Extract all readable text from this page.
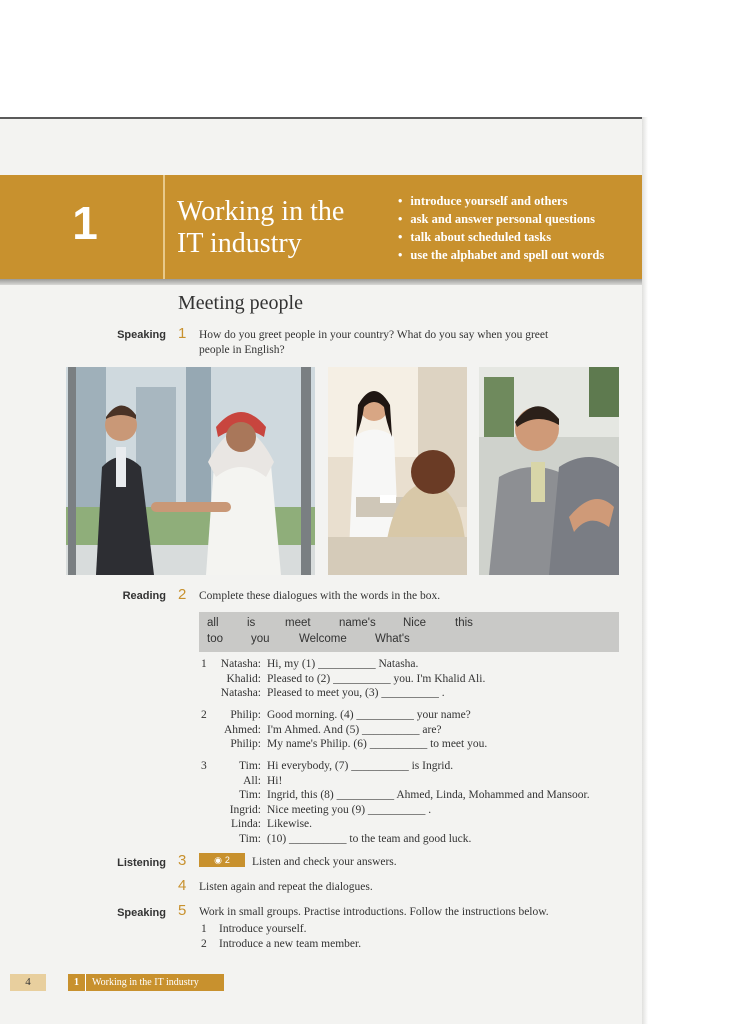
1	Working in the
IT industry
• introduce yourself and others
• ask and answer personal questions
• talk about scheduled tasks
• use the alphabet and spell out words
Meeting people
Speaking 1	How do you greet people in your country? What do you say when you greet
people in English?
Reading 2	Complete these dialogues with the words in the box.
all is	meet name's Nice	this
too you	Welcome What's
1	Natasha: Hi, my (1) __________ Natasha.
Khalid: Pleased to (2) __________ you. I'm Khalid Ali.
Natasha: Pleased to meet you, (3) __________ .
2	Philip: Good morning. (4) __________ your name?
Ahmed: I'm Ahmed. And (5) __________ are?
Philip: My name's Philip. (6) __________ to meet you.
3	Tim: Hi everybody, (7) __________ is Ingrid.
All: Hi!
Tim: Ingrid, this (8) __________ Ahmed, Linda, Mohammed and Mansoor.
Ingrid: Nice meeting you (9) __________ .
Linda: Likewise.
Tim: (10) __________ to the team and good luck.
Listening 3	◉ 2 Listen and check your answers.
4	Listen again and repeat the dialogues.
Speaking 5	Work in small groups. Practise introductions. Follow the instructions below.
1	Introduce yourself.
2	Introduce a new team member.
4	1	Working in the IT industry
